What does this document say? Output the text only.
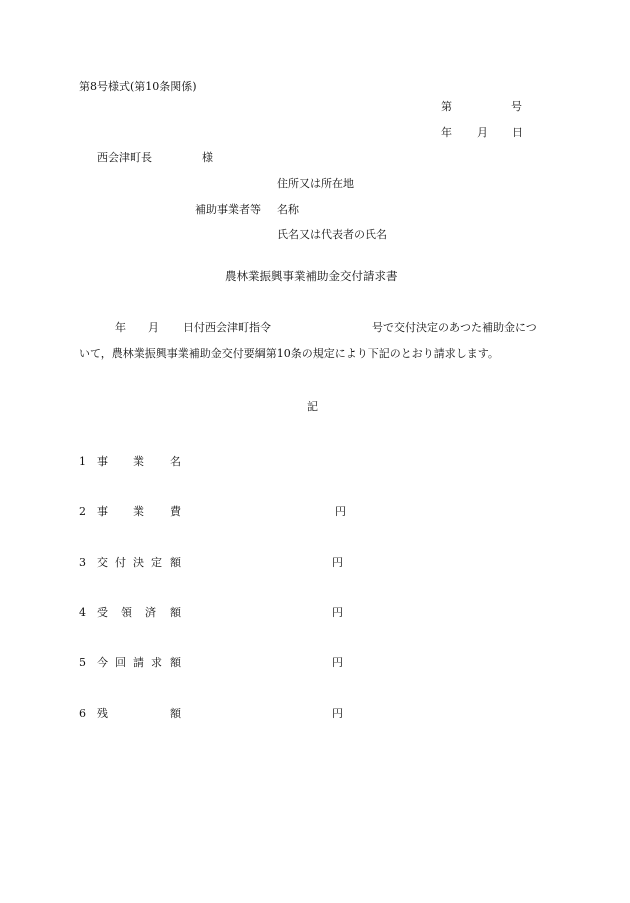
第8号様式(第10条関係)
第	号
年 月 日
西会津町長	様
住所又は所在地
補助事業者等 名称
氏名又は代表者の氏名
農林業振興事業補助金交付請求書
年 月 日付西会津町指令	号で交付決定のあつた補助金につ
いて，農林業振興事業補助金交付要綱第10条の規定により下記のとおり請求します。
記
1 事 業 名
2 事 業 費	円
3 交 付 決 定 額	円
4 受 領 済 額	円
5 今 回 請 求 額	円
6 残	額	円
